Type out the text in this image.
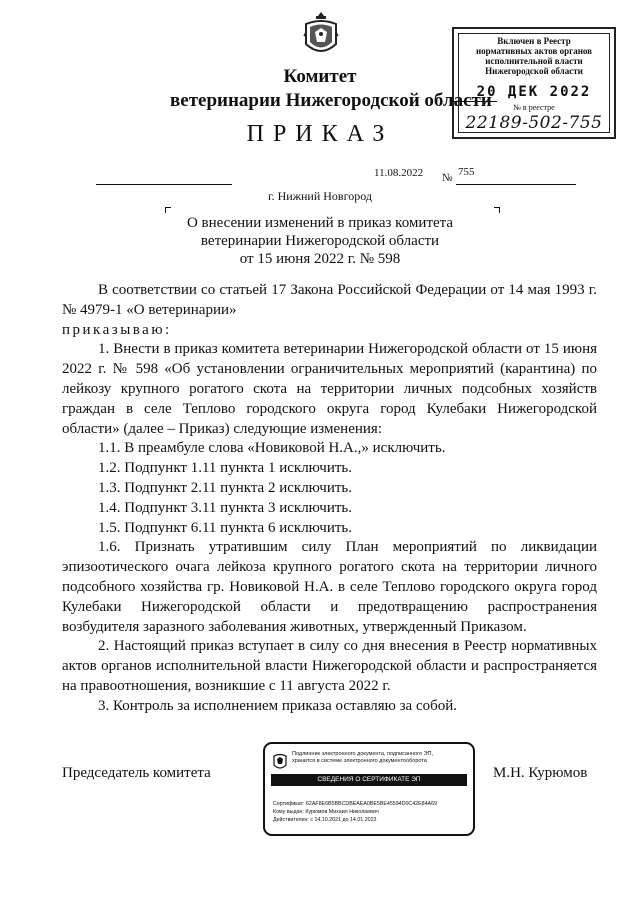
Включен в Реестр
нормативных актов органов
исполнительной власти
Нижегородской области
20 ДЕК 2022
№ в реестре
22189-502-755
Комитет
ветеринарии Нижегородской области
ПРИКАЗ
11.08.2022 № 755
г. Нижний Новгород
О внесении изменений в приказ комитета
ветеринарии Нижегородской области
от 15 июня 2022 г. № 598

В соответствии со статьей 17 Закона Российской Федерации от 14 мая 1993 г. № 4979-1 «О ветеринарии»

приказываю:

1. Внести в приказ комитета ветеринарии Нижегородской области от 15 июня 2022 г. № 598 «Об установлении ограничительных мероприятий (карантина) по лейкозу крупного рогатого скота на территории личных подсобных хозяйств граждан в селе Теплово городского округа город Кулебаки Нижегородской области» (далее – Приказ) следующие изменения:

1.1. В преамбуле слова «Новиковой Н.А.,» исключить.

1.2. Подпункт 1.11 пункта 1 исключить.

1.3. Подпункт 2.11 пункта 2 исключить.

1.4. Подпункт 3.11 пункта 3 исключить.

1.5. Подпункт 6.11 пункта 6 исключить.

1.6. Признать утратившим силу План мероприятий по ликвидации эпизоотического очага лейкоза крупного рогатого скота на территории личного подсобного хозяйства гр. Новиковой Н.А. в селе Теплово городского округа город Кулебаки Нижегородской области и предотвращению распространения возбудителя заразного заболевания животных, утвержденный Приказом.

2. Настоящий приказ вступает в силу со дня внесения в Реестр нормативных актов органов исполнительной власти Нижегородской области и распространяется на правоотношения, возникшие с 11 августа 2022 г.

3. Контроль за исполнением приказа оставляю за собой.

Председатель комитета	М.Н. Курюмов
Подлинник электронного документа, подписанного ЭП,
хранится в системе электронного документооборота
СВЕДЕНИЯ О СЕРТИФИКАТЕ ЭП
Сертификат: 62AF8E6B5BBCDBEAEA0BE5BE45594D0C42E84A69
Кому выдан: Курюмов Михаил Николаевич
Действителен: с 14.10.2021 до 14.01.2023
